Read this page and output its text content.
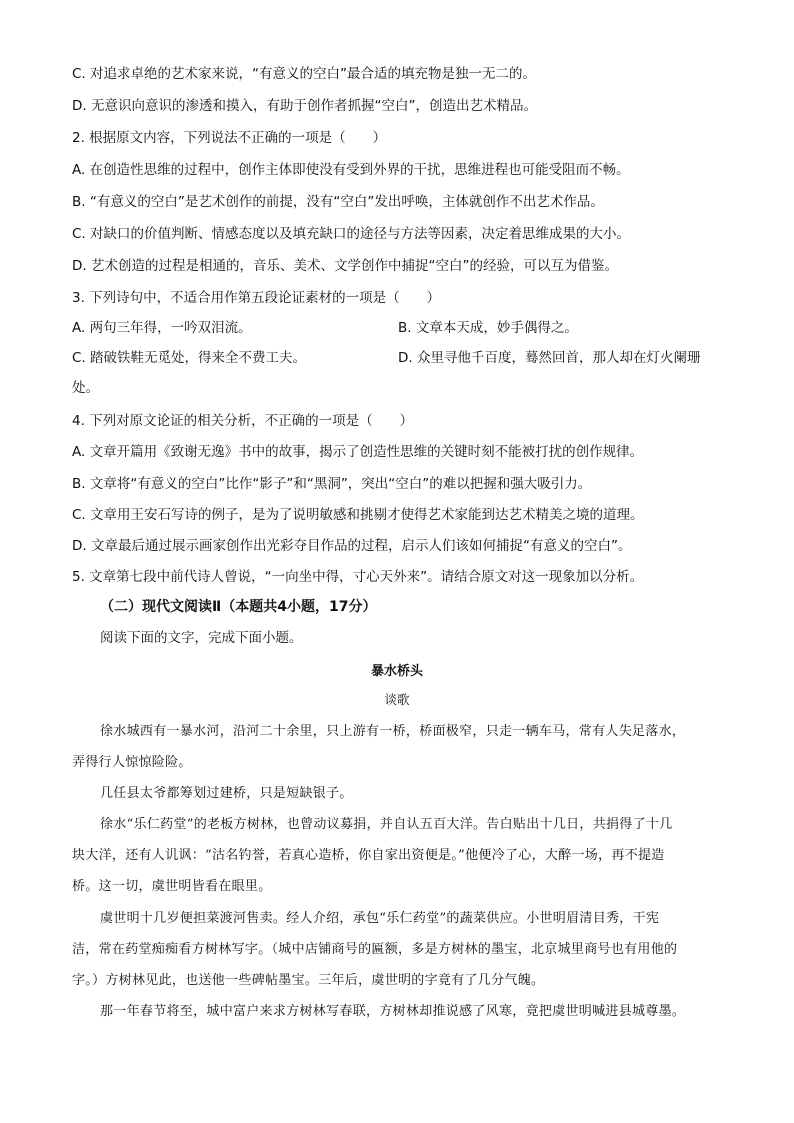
C. 对追求卓绝的艺术家来说，“有意义的空白”最合适的填充物是独一无二的。
D. 无意识向意识的渗透和摸入，有助于创作者抓握“空白”，创造出艺术精品。
2. 根据原文内容，下列说法不正确的一项是（　　）
A. 在创造性思维的过程中，创作主体即使没有受到外界的干扰，思维进程也可能受阻而不畅。
B. “有意义的空白”是艺术创作的前提，没有“空白”发出呼唤，主体就创作不出艺术作品。
C. 对缺口的价值判断、情感态度以及填充缺口的途径与方法等因素，决定着思维成果的大小。
D. 艺术创造的过程是相通的，音乐、美术、文学创作中捕捉“空白”的经验，可以互为借鉴。
3. 下列诗句中，不适合用作第五段论证素材的一项是（　　）
A. 两句三年得，一吟双泪流。	B. 文章本天成，妙手偶得之。
C. 踏破铁鞋无觅处，得来全不费工夫。	D. 众里寻他千百度，蓦然回首，那人却在灯火阑珊
处。
4. 下列对原文论证的相关分析，不正确的一项是（　　）
A. 文章开篇用《致谢无逸》书中的故事，揭示了创造性思维的关键时刻不能被打扰的创作规律。
B. 文章将“有意义的空白”比作“影子”和“黑洞”，突出“空白”的难以把握和强大吸引力。
C. 文章用王安石写诗的例子，是为了说明敏感和挑剔才使得艺术家能到达艺术精美之境的道理。
D. 文章最后通过展示画家创作出光彩夺目作品的过程，启示人们该如何捕捉“有意义的空白”。
5. 文章第七段中前代诗人曾说，“一向坐中得，寸心天外来”。请结合原文对这一现象加以分析。
（二）现代文阅读Ⅱ（本题共4小题，17分）
阅读下面的文字，完成下面小题。
暴水桥头
谈歌
徐水城西有一暴水河，沿河二十余里，只上游有一桥，桥面极窄，只走一辆车马，常有人失足落水，
弄得行人惊惊险险。
几任县太爷都筹划过建桥，只是短缺银子。
徐水“乐仁药堂”的老板方树林，也曾动议募捐，并自认五百大洋。告白贴出十几日，共捐得了十几
块大洋，还有人讥讽：“沽名钓誉，若真心造桥，你自家出资便是。”他便冷了心，大醉一场，再不提造
桥。这一切，虞世明皆看在眼里。
虞世明十几岁便担菜渡河售卖。经人介绍，承包“乐仁药堂”的蔬菜供应。小世明眉清目秀，干宪
洁，常在药堂痴痴看方树林写字。（城中店铺商号的匾额，多是方树林的墨宝，北京城里商号也有用他的
字。）方树林见此，也送他一些碑帖墨宝。三年后，虞世明的字竟有了几分气魄。
那一年春节将至，城中富户来求方树林写春联，方树林却推说感了风寒，竟把虞世明喊进县城尊墨。
